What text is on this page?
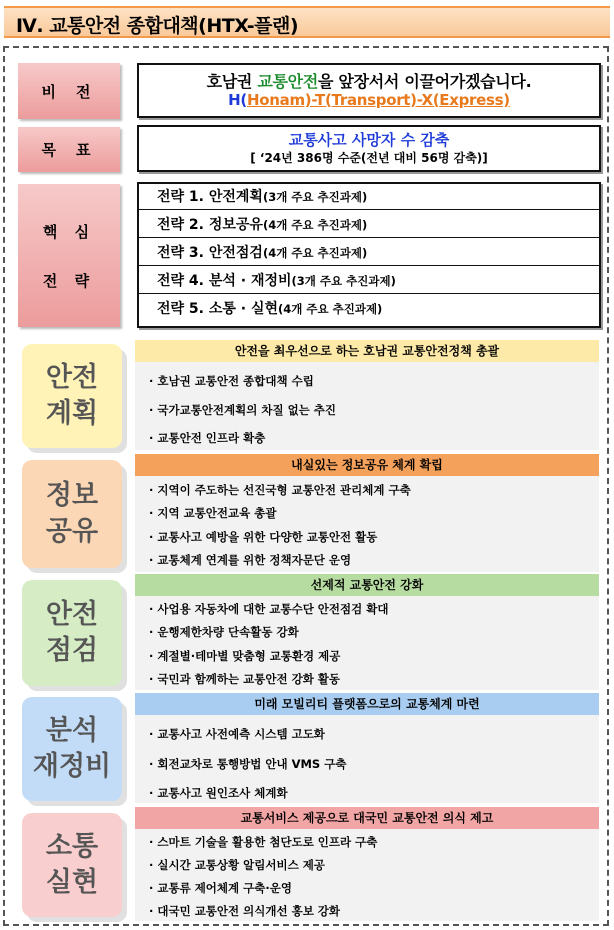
Ⅳ. 교통안전 종합대책(HTX-플랜)
비 전
호남권 교통안전을 앞장서서 이끌어가겠습니다.
H(Honam)-T(Transport)-X(Express)
목 표
교통사고 사망자 수 감축
[ ‘24년 386명 수준(전년 대비 56명 감축)]
핵 심
전 략
전략 1. 안전계획(3개 주요 추진과제)
전략 2. 정보공유(4개 주요 추진과제)
전략 3. 안전점검(4개 주요 추진과제)
전략 4. 분석 · 재정비(3개 주요 추진과제)
전략 5. 소통 · 실현(4개 주요 추진과제)
안전
계획
안전을 최우선으로 하는 호남권 교통안전정책 총괄
· 호남권 교통안전 종합대책 수립
· 국가교통안전계획의 차질 없는 추진
· 교통안전 인프라 확충
정보
공유
내실있는 정보공유 체계 확립
· 지역이 주도하는 선진국형 교통안전 관리체계 구축
· 지역 교통안전교육 총괄
· 교통사고 예방을 위한 다양한 교통안전 활동
· 교통체계 연계를 위한 정책자문단 운영
안전
점검
선제적 교통안전 강화
· 사업용 자동차에 대한 교통수단 안전점검 확대
· 운행제한차량 단속활동 강화
· 계절별·테마별 맞춤형 교통환경 제공
· 국민과 함께하는 교통안전 강화 활동
분석
재정비
미래 모빌리티 플랫폼으로의 교통체계 마련
· 교통사고 사전예측 시스템 고도화
· 회전교차로 통행방법 안내 VMS 구축
· 교통사고 원인조사 체계화
소통
실현
교통서비스 제공으로 대국민 교통안전 의식 제고
· 스마트 기술을 활용한 첨단도로 인프라 구축
· 실시간 교통상황 알림서비스 제공
· 교통류 제어체계 구축·운영
· 대국민 교통안전 의식개선 홍보 강화
